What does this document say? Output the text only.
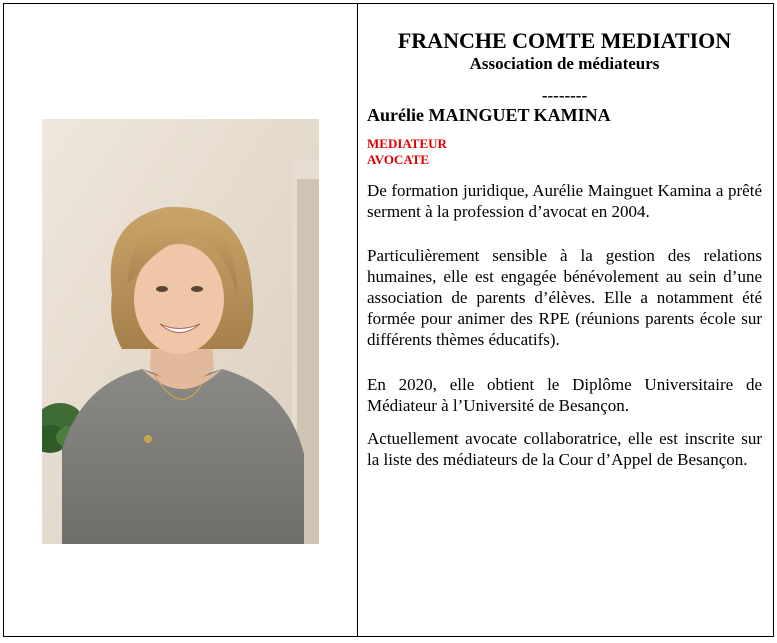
FRANCHE COMTE MEDIATION
Association de médiateurs
--------
Aurélie MAINGUET KAMINA
MEDIATEUR
AVOCATE

De formation juridique, Aurélie Mainguet Kamina a prêté serment à la profession d’avocat en 2004.

Particulièrement sensible à la gestion des relations humaines, elle est engagée bénévolement au sein d’une association de parents d’élèves. Elle a notamment été formée pour animer des RPE (réunions parents école sur différents thèmes éducatifs).

En 2020, elle obtient le Diplôme Universitaire de Médiateur à l’Université de Besançon.

Actuellement avocate collaboratrice, elle est inscrite sur la liste des médiateurs de la Cour d’Appel de Besançon.
